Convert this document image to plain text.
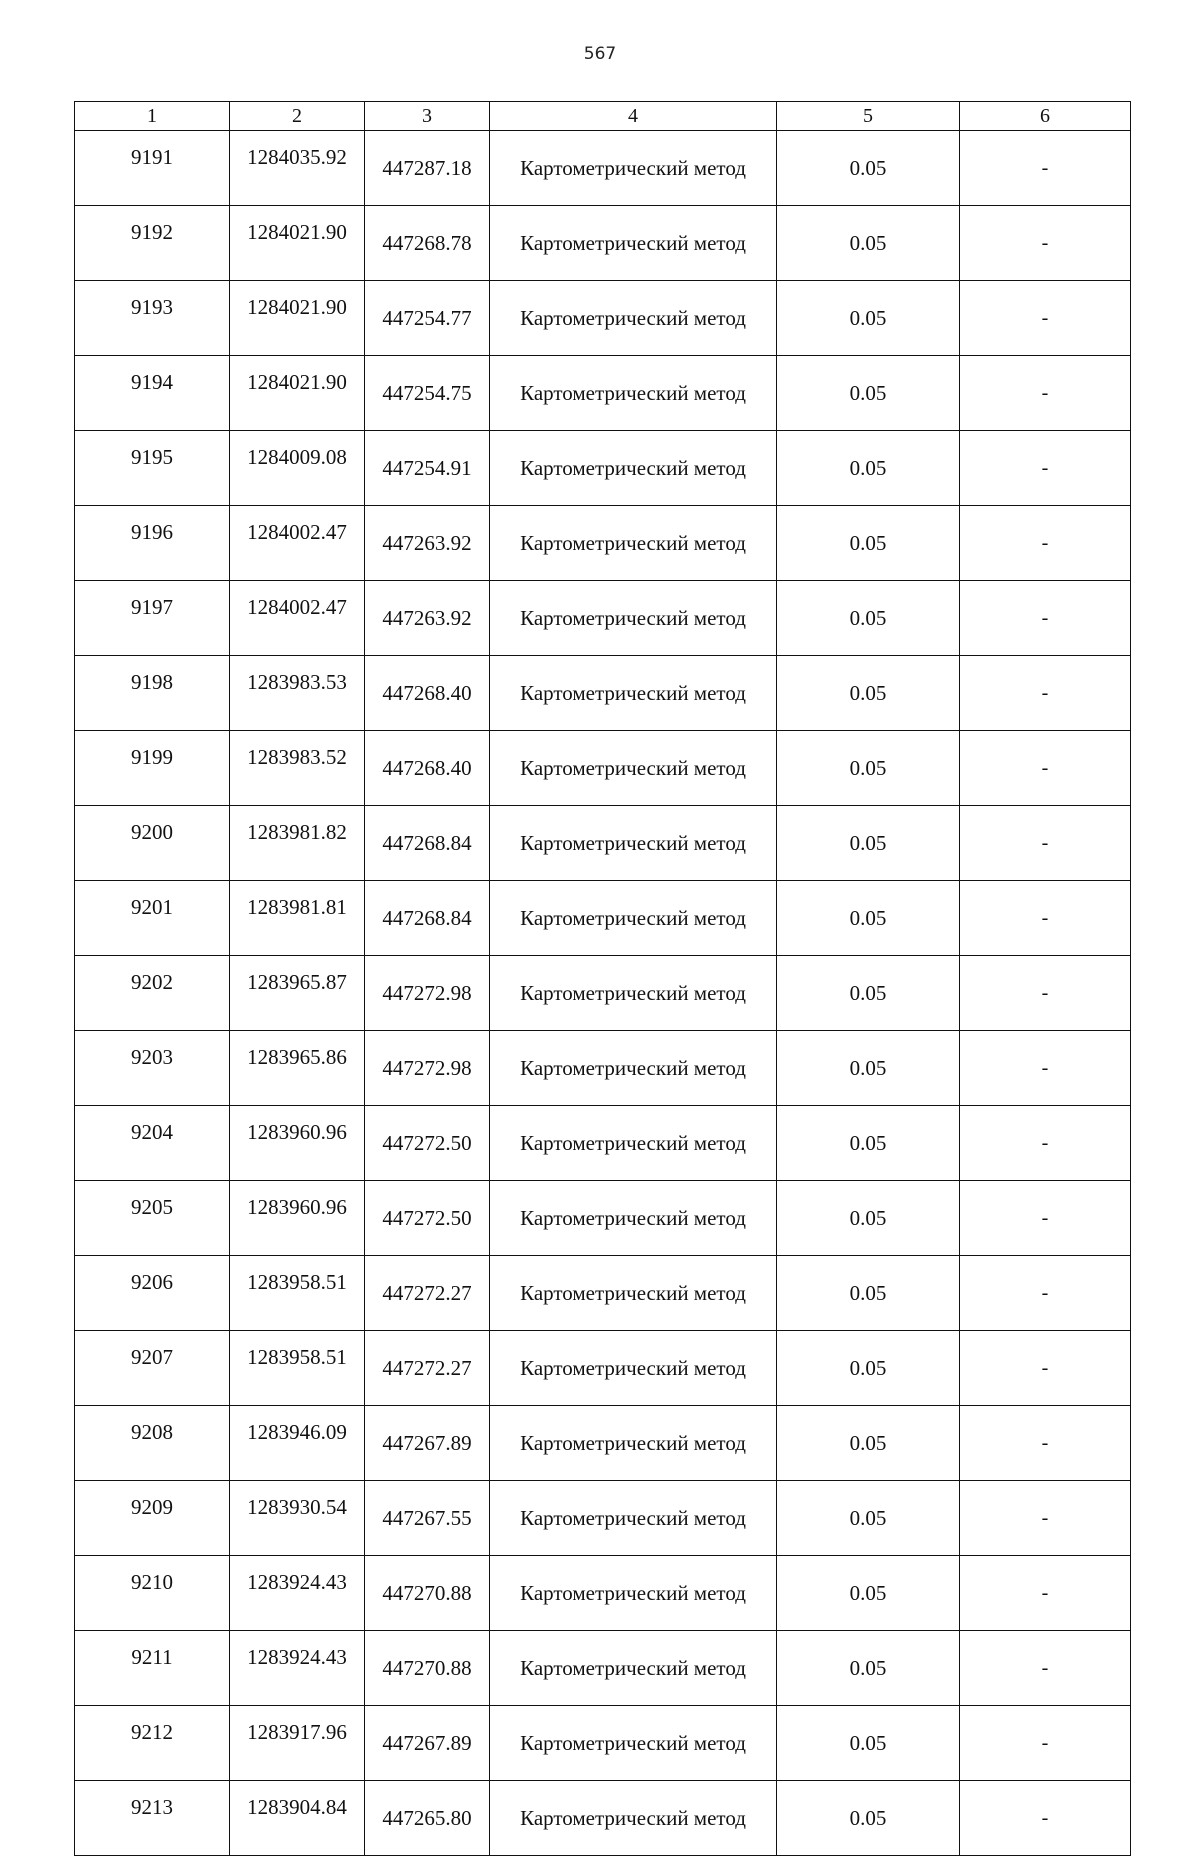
567
1	2	3	4	5	6
9191	1284035.92	447287.18	Картометрический метод	0.05	-
9192	1284021.90	447268.78	Картометрический метод	0.05	-
9193	1284021.90	447254.77	Картометрический метод	0.05	-
9194	1284021.90	447254.75	Картометрический метод	0.05	-
9195	1284009.08	447254.91	Картометрический метод	0.05	-
9196	1284002.47	447263.92	Картометрический метод	0.05	-
9197	1284002.47	447263.92	Картометрический метод	0.05	-
9198	1283983.53	447268.40	Картометрический метод	0.05	-
9199	1283983.52	447268.40	Картометрический метод	0.05	-
9200	1283981.82	447268.84	Картометрический метод	0.05	-
9201	1283981.81	447268.84	Картометрический метод	0.05	-
9202	1283965.87	447272.98	Картометрический метод	0.05	-
9203	1283965.86	447272.98	Картометрический метод	0.05	-
9204	1283960.96	447272.50	Картометрический метод	0.05	-
9205	1283960.96	447272.50	Картометрический метод	0.05	-
9206	1283958.51	447272.27	Картометрический метод	0.05	-
9207	1283958.51	447272.27	Картометрический метод	0.05	-
9208	1283946.09	447267.89	Картометрический метод	0.05	-
9209	1283930.54	447267.55	Картометрический метод	0.05	-
9210	1283924.43	447270.88	Картометрический метод	0.05	-
9211	1283924.43	447270.88	Картометрический метод	0.05	-
9212	1283917.96	447267.89	Картометрический метод	0.05	-
9213	1283904.84	447265.80	Картометрический метод	0.05	-
